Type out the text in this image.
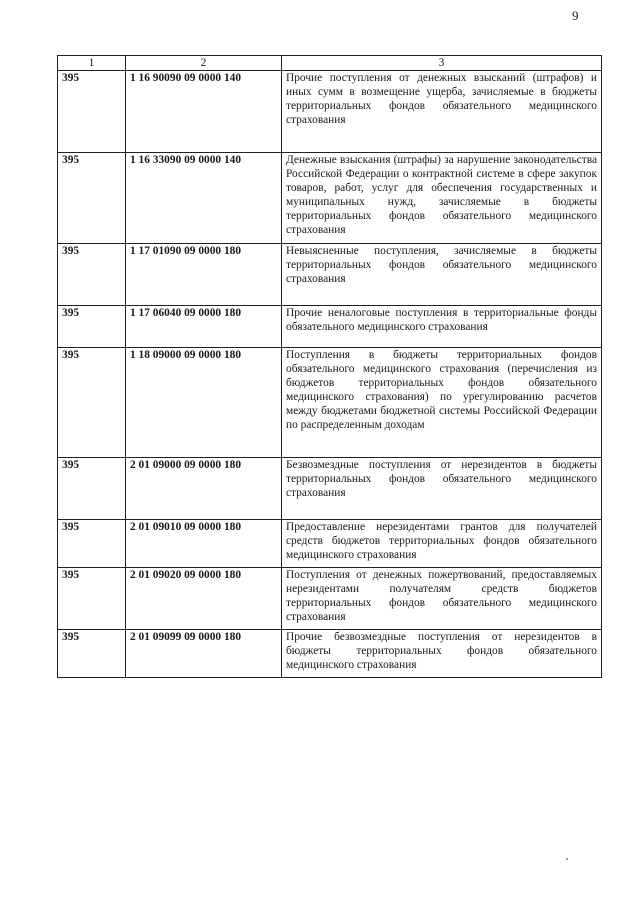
9
1	2	3
395	1 16 90090 09 0000 140	Прочие поступления от денежных взысканий (штрафов) и иных сумм в возмещение ущерба, зачисляемые в бюджеты территориальных фондов обязательного медицинского страхования
395	1 16 33090 09 0000 140	Денежные взыскания (штрафы) за нарушение законодательства Российской Федерации о контрактной системе в сфере закупок товаров, работ, услуг для обеспечения государственных и муниципальных нужд, зачисляемые в бюджеты территориальных фондов обязательного медицинского страхования
395	1 17 01090 09 0000 180	Невыясненные поступления, зачисляемые в бюджеты территориальных фондов обязательного медицинского страхования
395	1 17 06040 09 0000 180	Прочие неналоговые поступления в территориальные фонды обязательного медицинского страхования
395	1 18 09000 09 0000 180	Поступления в бюджеты территориальных фондов обязательного медицинского страхования (перечисления из бюджетов территориальных фондов обязательного медицинского страхования) по урегулированию расчетов между бюджетами бюджетной системы Российской Федерации по распределенным доходам
395	2 01 09000 09 0000 180	Безвозмездные поступления от нерезидентов в бюджеты территориальных фондов обязательного медицинского страхования
395	2 01 09010 09 0000 180	Предоставление нерезидентами грантов для получателей средств бюджетов территориальных фондов обязательного медицинского страхования
395	2 01 09020 09 0000 180	Поступления от денежных пожертвований, предоставляемых нерезидентами получателям средств бюджетов территориальных фондов обязательного медицинского страхования
395	2 01 09099 09 0000 180	Прочие безвозмездные поступления от нерезидентов в бюджеты территориальных фондов обязательного медицинского страхования
